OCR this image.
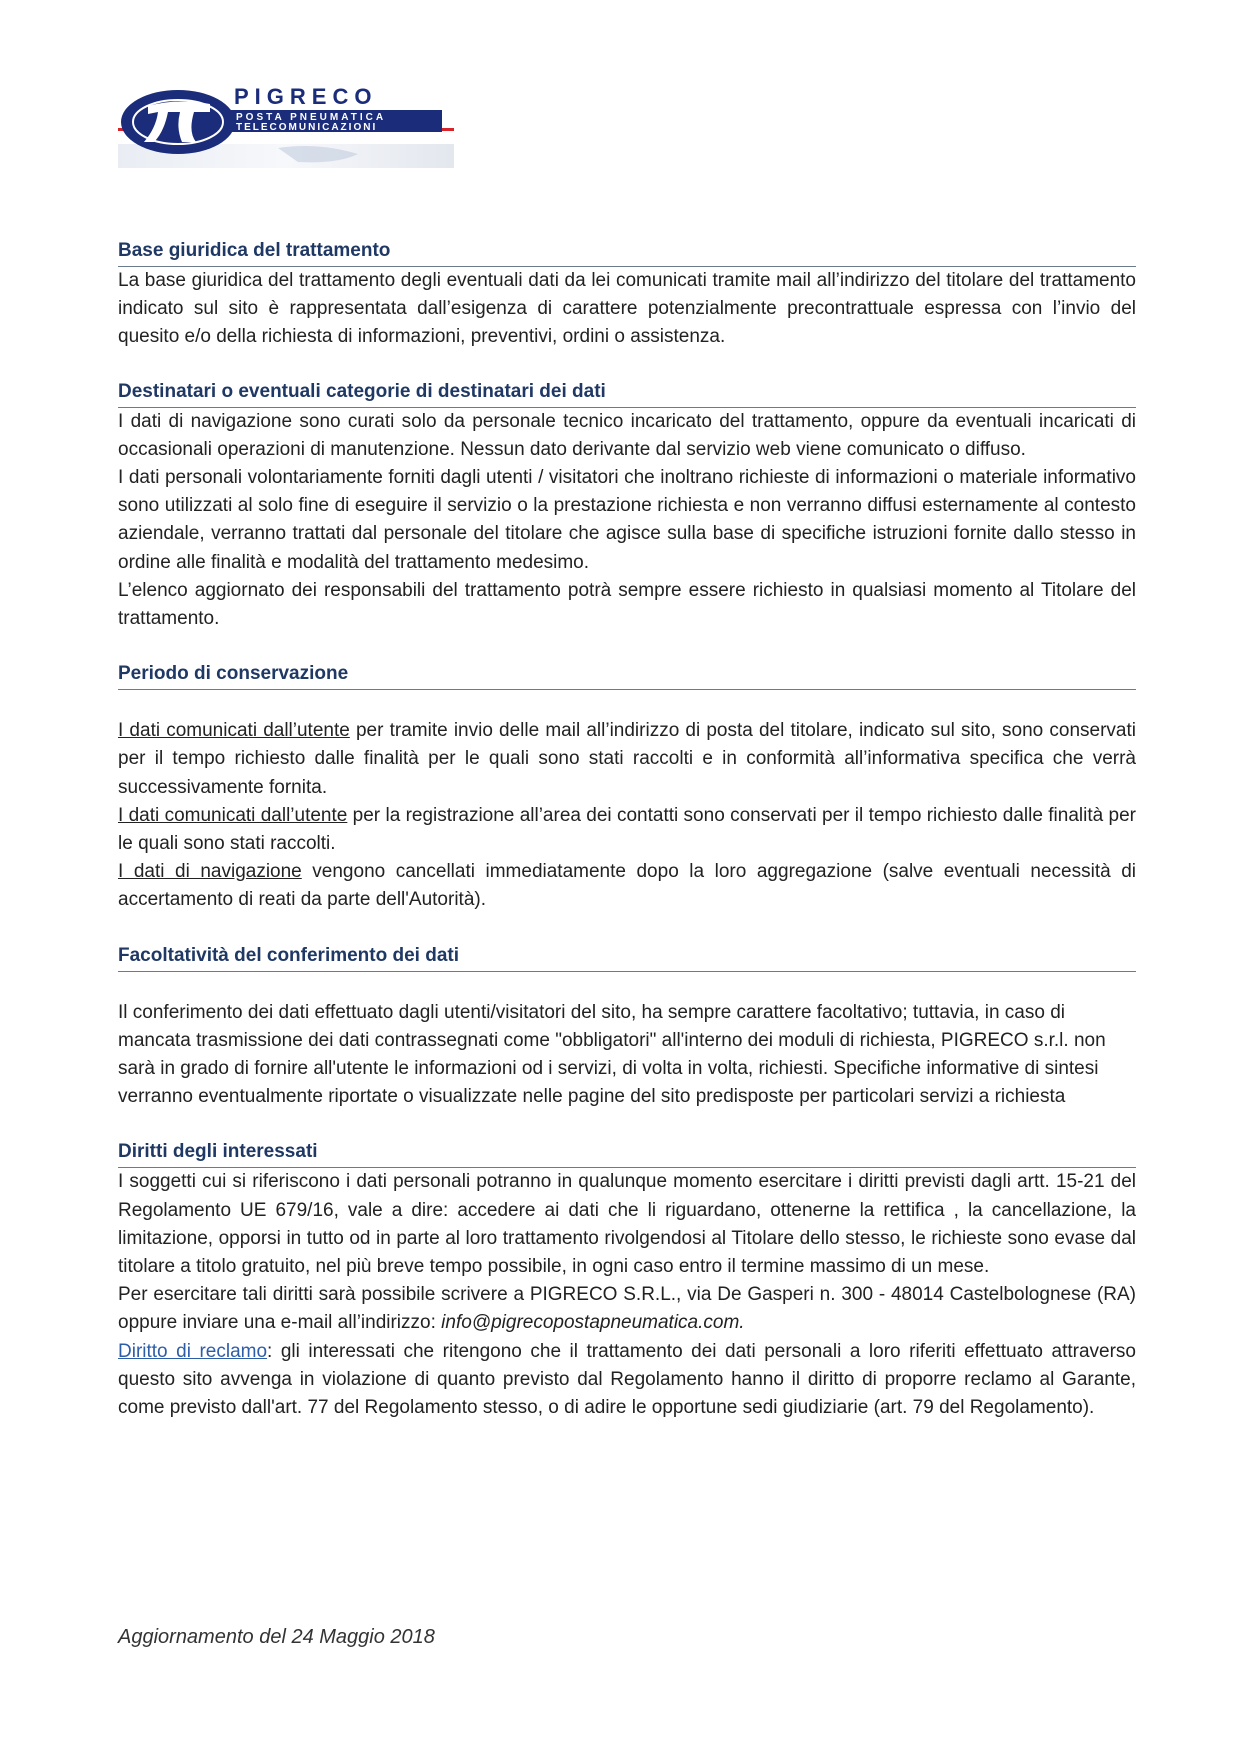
PIGRECO
POSTA PNEUMATICA
TELECOMUNICAZIONI
Base giuridica del trattamento

La base giuridica del trattamento degli eventuali dati da lei comunicati tramite mail all’indirizzo del titolare del trattamento indicato sul sito è rappresentata dall’esigenza di carattere potenzialmente precontrattuale espressa con l’invio del quesito e/o della richiesta di informazioni, preventivi, ordini o assistenza.

Destinatari o eventuali categorie di destinatari dei dati

I dati di navigazione sono curati solo da personale tecnico incaricato del trattamento, oppure da eventuali incaricati di occasionali operazioni di manutenzione. Nessun dato derivante dal servizio web viene comunicato o diffuso.

I dati personali volontariamente forniti dagli utenti / visitatori che inoltrano richieste di informazioni o materiale informativo sono utilizzati al solo fine di eseguire il servizio o la prestazione richiesta e non verranno diffusi esternamente al contesto aziendale, verranno trattati dal personale del titolare che agisce sulla base di specifiche istruzioni fornite dallo stesso in ordine alle finalità e modalità del trattamento medesimo.

L’elenco aggiornato dei responsabili del trattamento potrà sempre essere richiesto in qualsiasi momento al Titolare del trattamento.

Periodo di conservazione

I dati comunicati dall’utente per tramite invio delle mail all’indirizzo di posta del titolare, indicato sul sito, sono conservati per il tempo richiesto dalle finalità per le quali sono stati raccolti e in conformità all’informativa specifica che verrà successivamente fornita.

I dati comunicati dall’utente per la registrazione all’area dei contatti sono conservati per il tempo richiesto dalle finalità per le quali sono stati raccolti.

I dati di navigazione vengono cancellati immediatamente dopo la loro aggregazione (salve eventuali necessità di accertamento di reati da parte dell'Autorità).

Facoltatività del conferimento dei dati

Il conferimento dei dati effettuato dagli utenti/visitatori del sito, ha sempre carattere facoltativo; tuttavia, in caso di mancata trasmissione dei dati contrassegnati come "obbligatori" all'interno dei moduli di richiesta, PIGRECO s.r.l. non sarà in grado di fornire all'utente le informazioni od i servizi, di volta in volta, richiesti. Specifiche informative di sintesi verranno eventualmente riportate o visualizzate nelle pagine del sito predisposte per particolari servizi a richiesta

Diritti degli interessati

I soggetti cui si riferiscono i dati personali potranno in qualunque momento esercitare i diritti previsti dagli artt. 15-21 del Regolamento UE 679/16, vale a dire: accedere ai dati che li riguardano, ottenerne la rettifica , la cancellazione, la limitazione, opporsi in tutto od in parte al loro trattamento rivolgendosi al Titolare dello stesso, le richieste sono evase dal titolare a titolo gratuito, nel più breve tempo possibile, in ogni caso entro il termine massimo di un mese.

Per esercitare tali diritti sarà possibile scrivere a PIGRECO S.R.L., via De Gasperi n. 300 - 48014 Castelbolognese (RA) oppure inviare una e-mail all’indirizzo: info@pigrecopostapneumatica.com.

Diritto di reclamo: gli interessati che ritengono che il trattamento dei dati personali a loro riferiti effettuato attraverso questo sito avvenga in violazione di quanto previsto dal Regolamento hanno il diritto di proporre reclamo al Garante, come previsto dall'art. 77 del Regolamento stesso, o di adire le opportune sedi giudiziarie (art. 79 del Regolamento).

Aggiornamento del 24 Maggio 2018
